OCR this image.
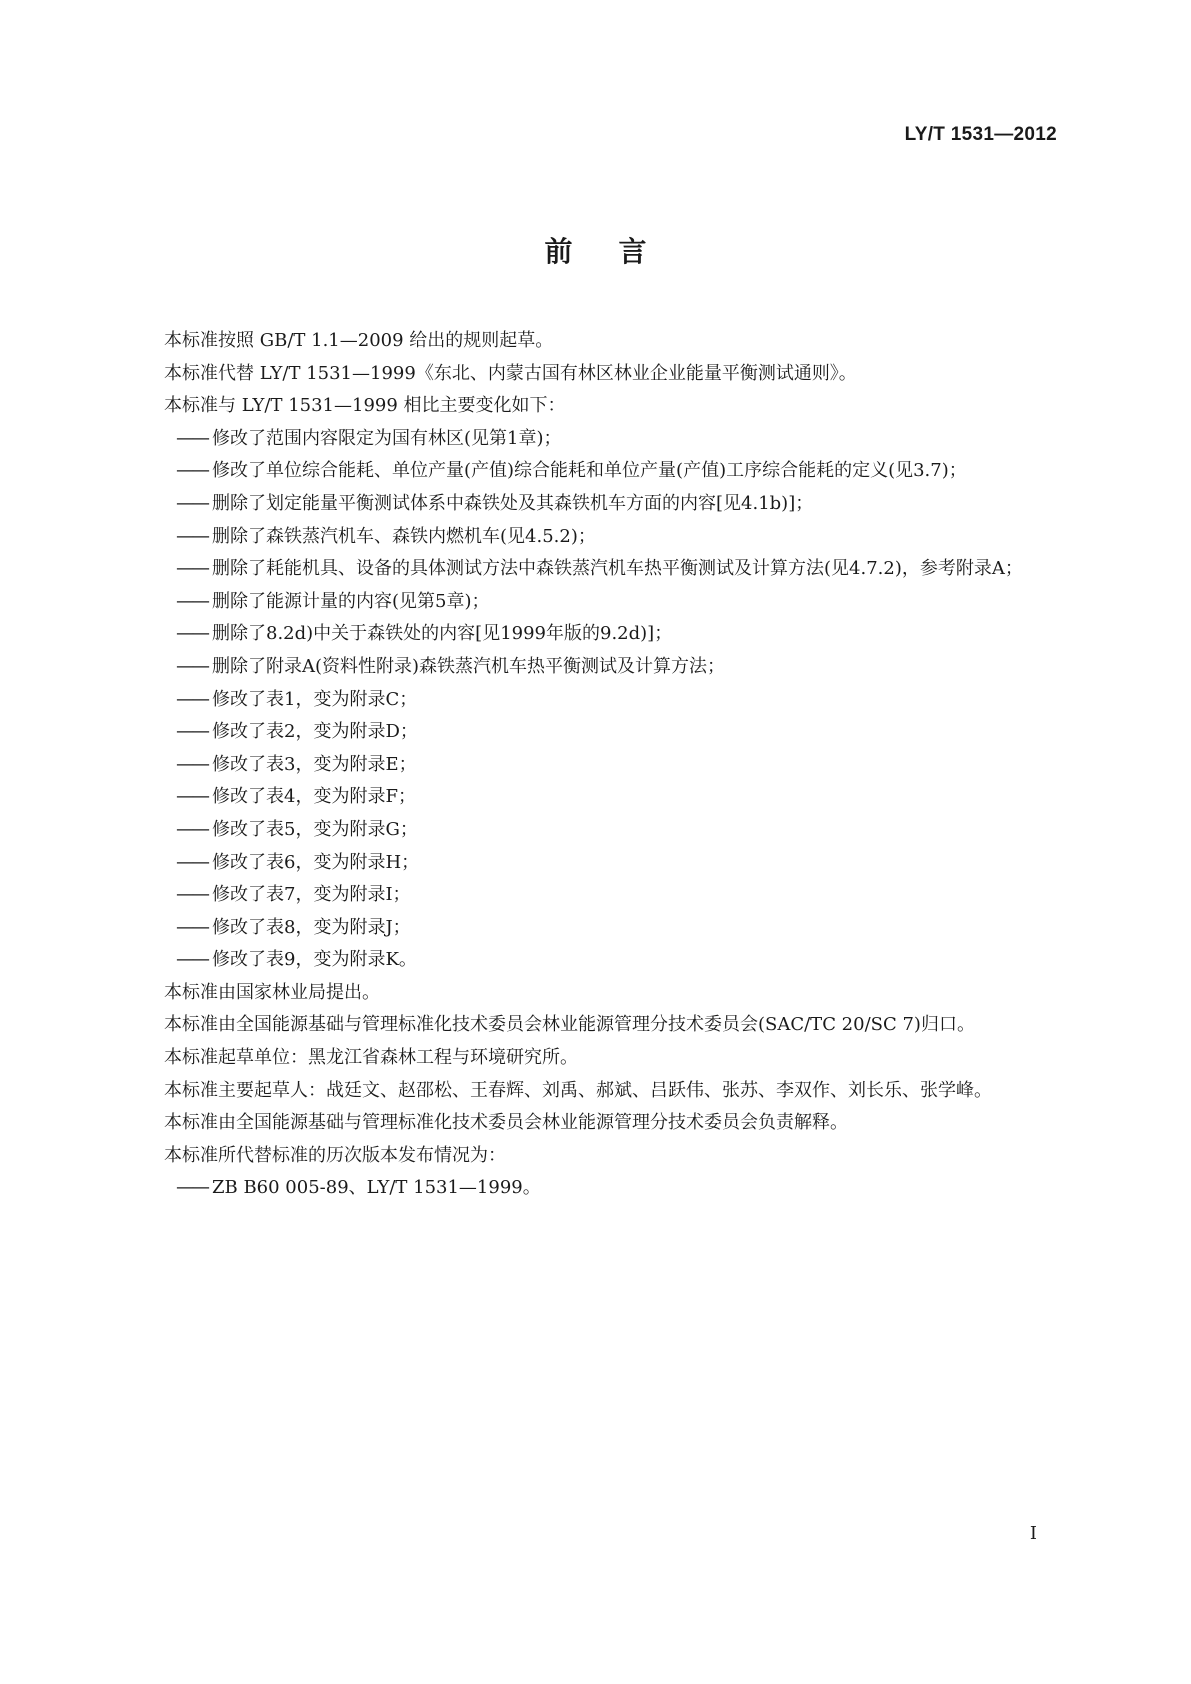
LY/T 1531—2012
前言

本标准按照 GB/T 1.1—2009 给出的规则起草。

本标准代替 LY/T 1531—1999《东北、内蒙古国有林区林业企业能量平衡测试通则》。

本标准与 LY/T 1531—1999 相比主要变化如下：

—— 修改了范围内容限定为国有林区(见第1章)；

—— 修改了单位综合能耗、单位产量(产值)综合能耗和单位产量(产值)工序综合能耗的定义(见3.7)；

—— 删除了划定能量平衡测试体系中森铁处及其森铁机车方面的内容[见4.1b)]；

—— 删除了森铁蒸汽机车、森铁内燃机车(见4.5.2)；

—— 删除了耗能机具、设备的具体测试方法中森铁蒸汽机车热平衡测试及计算方法(见4.7.2)，参考附录A；

—— 删除了能源计量的内容(见第5章)；

—— 删除了8.2d)中关于森铁处的内容[见1999年版的9.2d)]；

—— 删除了附录A(资料性附录)森铁蒸汽机车热平衡测试及计算方法；

—— 修改了表1，变为附录C；

—— 修改了表2，变为附录D；

—— 修改了表3，变为附录E；

—— 修改了表4，变为附录F；

—— 修改了表5，变为附录G；

—— 修改了表6，变为附录H；

—— 修改了表7，变为附录I；

—— 修改了表8，变为附录J；

—— 修改了表9，变为附录K。

本标准由国家林业局提出。

本标准由全国能源基础与管理标准化技术委员会林业能源管理分技术委员会(SAC/TC 20/SC 7)归口。

本标准起草单位：黑龙江省森林工程与环境研究所。

本标准主要起草人：战廷文、赵邵松、王春辉、刘禹、郝斌、吕跃伟、张苏、李双作、刘长乐、张学峰。

本标准由全国能源基础与管理标准化技术委员会林业能源管理分技术委员会负责解释。

本标准所代替标准的历次版本发布情况为：

—— ZB B60 005-89、LY/T 1531—1999。

I
